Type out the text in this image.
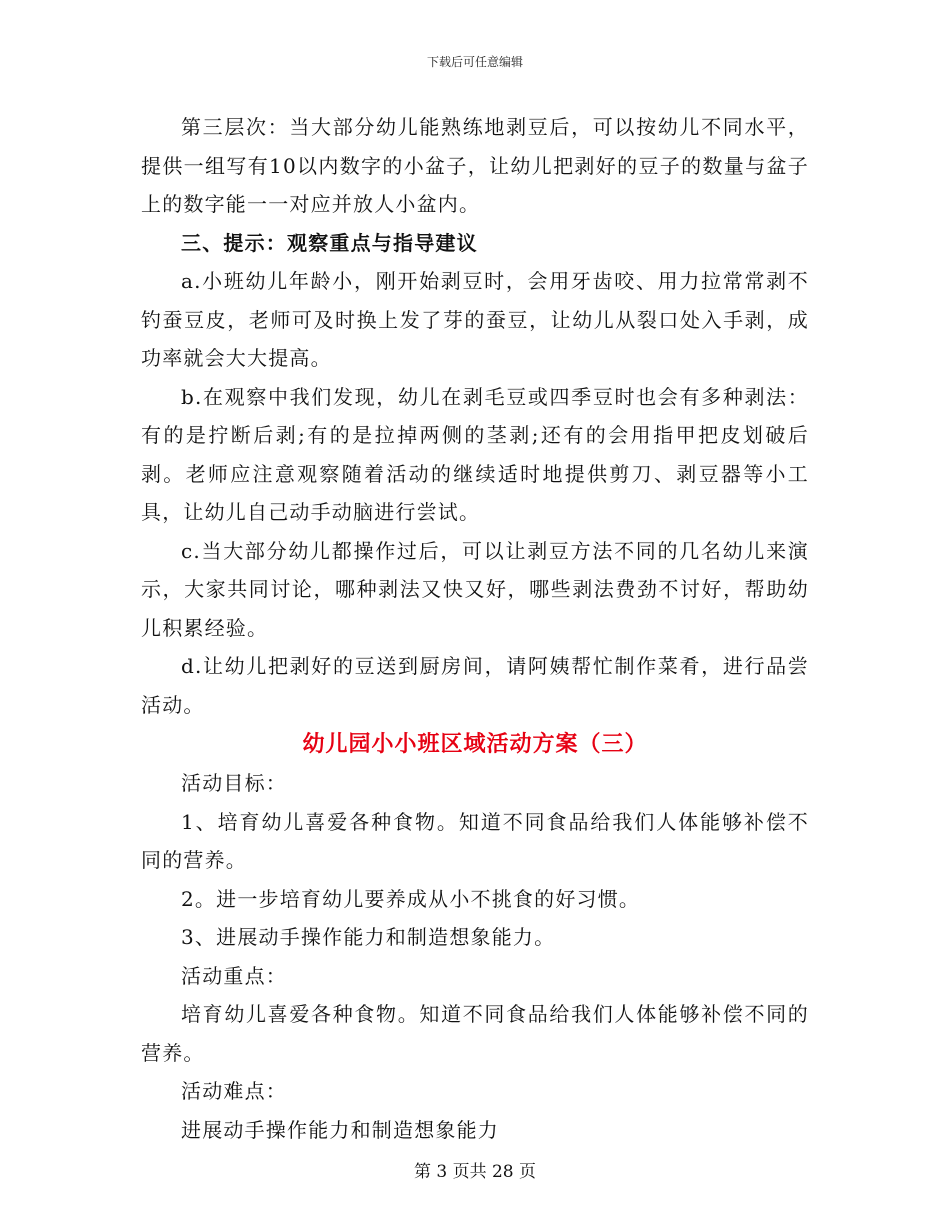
下载后可任意编辑

第三层次：当大部分幼儿能熟练地剥豆后，可以按幼儿不同水平，提供一组写有10以内数字的小盆子，让幼儿把剥好的豆子的数量与盆子上的数字能一一对应并放人小盆内。

三、提示：观察重点与指导建议

a.小班幼儿年龄小，刚开始剥豆时，会用牙齿咬、用力拉常常剥不钓蚕豆皮，老师可及时换上发了芽的蚕豆，让幼儿从裂口处入手剥，成功率就会大大提高。

b.在观察中我们发现，幼儿在剥毛豆或四季豆时也会有多种剥法：有的是拧断后剥;有的是拉掉两侧的茎剥;还有的会用指甲把皮划破后剥。老师应注意观察随着活动的继续适时地提供剪刀、剥豆器等小工具，让幼儿自己动手动脑进行尝试。

c.当大部分幼儿都操作过后，可以让剥豆方法不同的几名幼儿来演示，大家共同讨论，哪种剥法又快又好，哪些剥法费劲不讨好，帮助幼儿积累经验。

d.让幼儿把剥好的豆送到厨房间，请阿姨帮忙制作菜肴，进行品尝活动。

幼儿园小小班区域活动方案（三）

活动目标：

1、培育幼儿喜爱各种食物。知道不同食品给我们人体能够补偿不同的营养。

2。进一步培育幼儿要养成从小不挑食的好习惯。

3、进展动手操作能力和制造想象能力。

活动重点：

培育幼儿喜爱各种食物。知道不同食品给我们人体能够补偿不同的营养。

活动难点：

进展动手操作能力和制造想象能力

第 3 页共 28 页
